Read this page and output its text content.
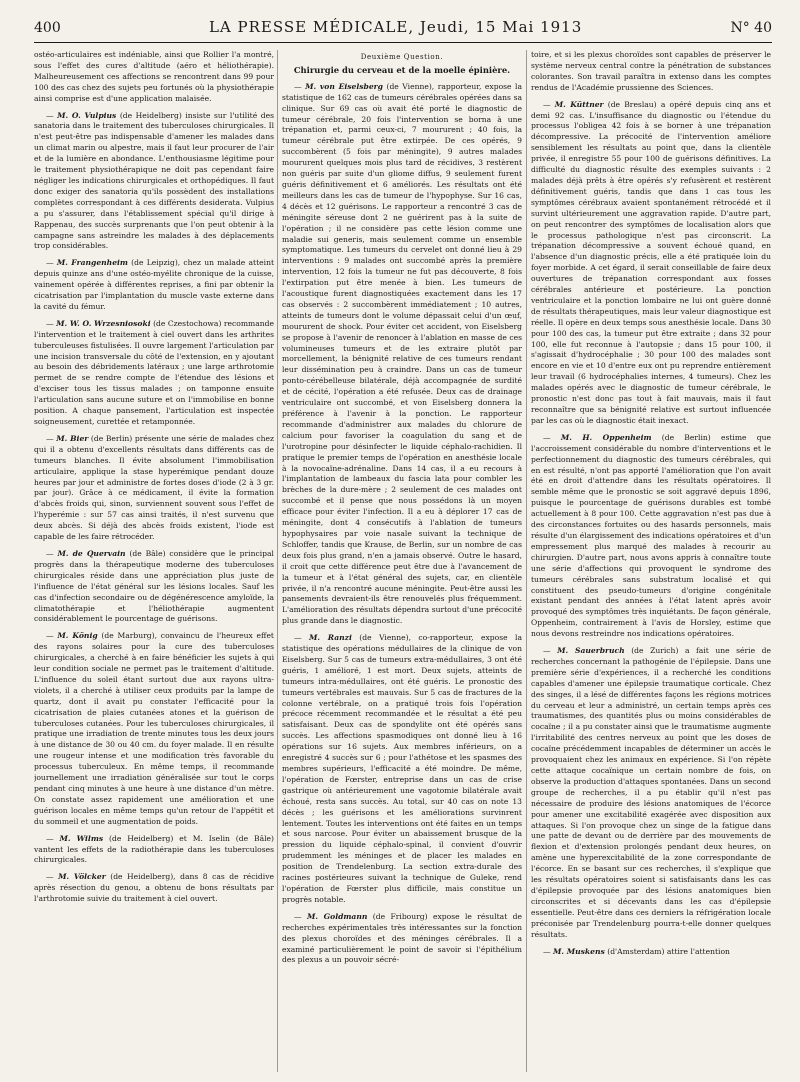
400	LA PRESSE MÉDICALE, Jeudi, 15 Mai 1913	N° 40

ostéo-articulaires est indéniable, ainsi que Rollier l'a montré, sous l'effet des cures d'altitude (aéro et héliothérapie). Malheureusement ces affections se rencontrent dans 99 pour 100 des cas chez des sujets peu fortunés où la physiothérapie ainsi comprise est d'une application malaisée.

— M. O. Vulpius (de Heidelberg) insiste sur l'utilité des sanatoria dans le traitement des tuberculoses chirurgicales. Il n'est peut-être pas indispensable d'amener les malades dans un climat marin ou alpestre, mais il faut leur procurer de l'air et de la lumière en abondance. L'enthousiasme légitime pour le traitement physiothérapique ne doit pas cependant faire négliger les indications chirurgicales et orthopédiques. Il faut donc exiger des sanatoria qu'ils possèdent des installations complètes correspondant à ces différents desiderata. Vulpius a pu s'assurer, dans l'établissement spécial qu'il dirige à Rappenau, des succès surprenants que l'on peut obtenir à la campagne sans astreindre les malades à des déplacements trop considérables.

— M. Frangenheim (de Leipzig), chez un malade atteint depuis quinze ans d'une ostéo-myélite chronique de la cuisse, vainement opérée à différentes reprises, a fini par obtenir la cicatrisation par l'implantation du muscle vaste externe dans la cavité du fémur.

— M. W. O. Wrzesniosoki (de Czestochowa) recommande l'intervention et le traitement à ciel ouvert dans les arthrites tuberculeuses fistulisées. Il ouvre largement l'articulation par une incision transversale du côté de l'extension, en y ajoutant au besoin des débridements latéraux ; une large arthrotomie permet de se rendre compte de l'étendue des lésions et d'exciser tous les tissus malades ; on tamponne ensuite l'articulation sans aucune suture et on l'immobilise en bonne position. A chaque pansement, l'articulation est inspectée soigneusement, curettée et retamponnée.

— M. Bier (de Berlin) présente une série de malades chez qui il a obtenu d'excellents résultats dans différents cas de tumeurs blanches. Il évite absolument l'immobilisation articulaire, applique la stase hyperémique pendant douze heures par jour et administre de fortes doses d'iode (2 à 3 gr. par jour). Grâce à ce médicament, il évite la formation d'abcès froids qui, sinon, surviennent souvent sous l'effet de l'hyperémie : sur 57 cas ainsi traités, il n'est survenu que deux abcès. Si déjà des abcès froids existent, l'iode est capable de les faire rétrocéder.

— M. de Quervain (de Bâle) considère que le principal progrès dans la thérapeutique moderne des tuberculoses chirurgicales réside dans une appréciation plus juste de l'influence de l'état général sur les lésions locales. Sauf les cas d'infection secondaire ou de dégénérescence amyloïde, la climatothérapie et l'héliothérapie augmentent considérablement le pourcentage de guérisons.

— M. König (de Marburg), convaincu de l'heureux effet des rayons solaires pour la cure des tuberculoses chirurgicales, a cherché à en faire bénéficier les sujets à qui leur condition sociale ne permet pas le traitement d'altitude. L'influence du soleil étant surtout due aux rayons ultra-violets, il a cherché à utiliser ceux produits par la lampe de quartz, dont il avait pu constater l'efficacité pour la cicatrisation de plaies cutanées atones et la guérison de tuberculoses cutanées. Pour les tuberculoses chirurgicales, il pratique une irradiation de trente minutes tous les deux jours à une distance de 30 ou 40 cm. du foyer malade. Il en résulte une rougeur intense et une modification très favorable du processus tuberculeux. En même temps, il recommande journellement une irradiation généralisée sur tout le corps pendant cinq minutes à une heure à une distance d'un mètre. On constate assez rapidement une amélioration et une guérison locales en même temps qu'un retour de l'appétit et du sommeil et une augmentation de poids.

— M. Wilms (de Heidelberg) et M. Iselin (de Bâle) vantent les effets de la radiothérapie dans les tuberculoses chirurgicales.

— M. Völcker (de Heidelberg), dans 8 cas de récidive après résection du genou, a obtenu de bons résultats par l'arthrotomie suivie du traitement à ciel ouvert.

Deuxième Question.
Chirurgie du cerveau et de la moelle épinière.

— M. von Eiselsberg (de Vienne), rapporteur, expose la statistique de 162 cas de tumeurs cérébrales opérées dans sa clinique. Sur 69 cas où avait été porté le diagnostic de tumeur cérébrale, 20 fois l'intervention se borna à une trépanation et, parmi ceux-ci, 7 moururent ; 40 fois, la tumeur cérébrale put être extirpée. De ces opérés, 9 succombèrent (5 fois par méningite), 9 autres malades moururent quelques mois plus tard de récidives, 3 restèrent non guéris par suite d'un gliome diffus, 9 seulement furent guéris définitivement et 6 améliorés. Les résultats ont été meilleurs dans les cas de tumeur de l'hypophyse. Sur 16 cas, 4 décès et 12 guérisons. Le rapporteur a rencontré 3 cas de méningite séreuse dont 2 ne guérirent pas à la suite de l'opération ; il ne considère pas cette lésion comme une maladie sui generis, mais seulement comme un ensemble symptomatique. Les tumeurs du cervelet ont donné lieu à 29 interventions : 9 malades ont succombé après la première intervention, 12 fois la tumeur ne fut pas découverte, 8 fois l'extirpation put être menée à bien. Les tumeurs de l'acoustique furent diagnostiquées exactement dans les 17 cas observés : 2 succombèrent immédiatement ; 10 autres, atteints de tumeurs dont le volume dépassait celui d'un œuf, moururent de shock. Pour éviter cet accident, von Eiselsberg se propose à l'avenir de renoncer à l'ablation en masse de ces volumineuses tumeurs et de les extraire plutôt par morcellement, la bénignité relative de ces tumeurs rendant leur dissémination peu à craindre. Dans un cas de tumeur ponto-cérébelleuse bilatérale, déjà accompagnée de surdité et de cécité, l'opération a été refusée. Deux cas de drainage ventriculaire ont succombé, et von Eiselsberg donnera la préférence à l'avenir à la ponction. Le rapporteur recommande d'administrer aux malades du chlorure de calcium pour favoriser la coagulation du sang et de l'urotropine pour désinfecter le liquide céphalo-rachidien. Il pratique le premier temps de l'opération en anesthésie locale à la novocaïne-adrénaline. Dans 14 cas, il a eu recours à l'implantation de lambeaux du fascia lata pour combler les brèches de la dure-mère ; 2 seulement de ces malades ont succombé et il pense que nous possédons là un moyen efficace pour éviter l'infection. Il a eu à déplorer 17 cas de méningite, dont 4 consécutifs à l'ablation de tumeurs hypophysaires par voie nasale suivant la technique de Schloffer, tandis que Krause, de Berlin, sur un nombre de cas deux fois plus grand, n'en a jamais observé. Outre le hasard, il croit que cette différence peut être due à l'avancement de la tumeur et à l'état général des sujets, car, en clientèle privée, il n'a rencontré aucune méningite. Peut-être aussi les pansements devraient-ils être renouvelés plus fréquemment. L'amélioration des résultats dépendra surtout d'une précocité plus grande dans le diagnostic.

— M. Ranzi (de Vienne), co-rapporteur, expose la statistique des opérations médullaires de la clinique de von Eiselsberg. Sur 5 cas de tumeurs extra-médullaires, 3 ont été guéris, 1 amélioré, 1 est mort. Deux sujets, atteints de tumeurs intra-médullaires, ont été guéris. Le pronostic des tumeurs vertébrales est mauvais. Sur 5 cas de fractures de la colonne vertébrale, on a pratiqué trois fois l'opération précoce récemment recommandée et le résultat a été peu satisfaisant. Deux cas de spondylite ont été opérés sans succès. Les affections spasmodiques ont donné lieu à 16 opérations sur 16 sujets. Aux membres inférieurs, on a enregistré 4 succès sur 6 ; pour l'athétose et les spasmes des membres supérieurs, l'efficacité a été moindre. De même, l'opération de Fœrster, entreprise dans un cas de crise gastrique où antérieurement une vagotomie bilatérale avait échoué, resta sans succès. Au total, sur 40 cas on note 13 décès ; les guérisons et les améliorations survinrent lentement. Toutes les interventions ont été faites en un temps et sous narcose. Pour éviter un abaissement brusque de la pression du liquide céphalo-spinal, il convient d'ouvrir prudemment les méninges et de placer les malades en position de Trendelenburg. La section extra-durale des racines postérieures suivant la technique de Guleke, rend l'opération de Fœrster plus difficile, mais constitue un progrès notable.

— M. Goldmann (de Fribourg) expose le résultat de recherches expérimentales très intéressantes sur la fonction des plexus choroïdes et des méninges cérébrales. Il a examiné particulièrement le point de savoir si l'épithélium des plexus a un pouvoir sécré-

toire, et si les plexus choroïdes sont capables de préserver le système nerveux central contre la pénétration de substances colorantes. Son travail paraîtra in extenso dans les comptes rendus de l'Académie prussienne des Sciences.

— M. Küttner (de Breslau) a opéré depuis cinq ans et demi 92 cas. L'insuffisance du diagnostic ou l'étendue du processus l'obligea 42 fois à se borner à une trépanation décompressive. La précocité de l'intervention améliore sensiblement les résultats au point que, dans la clientèle privée, il enregistre 55 pour 100 de guérisons définitives. La difficulté du diagnostic résulte des exemples suivants : 2 malades déjà prêts à être opérés s'y refusèrent et restèrent définitivement guéris, tandis que dans 1 cas tous les symptômes cérébraux avaient spontanément rétrocédé et il survint ultérieurement une aggravation rapide. D'autre part, on peut rencontrer des symptômes de localisation alors que le processus pathologique n'est pas circonscrit. La trépanation décompressive a souvent échoué quand, en l'absence d'un diagnostic précis, elle a été pratiquée loin du foyer morbide. A cet égard, il serait conseillable de faire deux ouvertures de trépanation correspondant aux fosses cérébrales antérieure et postérieure. La ponction ventriculaire et la ponction lombaire ne lui ont guère donné de résultats thérapeutiques, mais leur valeur diagnostique est réelle. Il opère en deux temps sous anesthésie locale. Dans 30 pour 100 des cas, la tumeur put être extraite ; dans 32 pour 100, elle fut reconnue à l'autopsie ; dans 15 pour 100, il s'agissait d'hydrocéphalie ; 30 pour 100 des malades sont encore en vie et 10 d'entre eux ont pu reprendre entièrement leur travail (6 hydrocéphalies internes, 4 tumeurs). Chez les malades opérés avec le diagnostic de tumeur cérébrale, le pronostic n'est donc pas tout à fait mauvais, mais il faut reconnaître que sa bénignité relative est surtout influencée par les cas où le diagnostic était inexact.

— M. H. Oppenheim (de Berlin) estime que l'accroissement considérable du nombre d'interventions et le perfectionnement du diagnostic des tumeurs cérébrales, qui en est résulté, n'ont pas apporté l'amélioration que l'on avait été en droit d'attendre dans les résultats opératoires. Il semble même que le pronostic se soit aggravé depuis 1896, puisque le pourcentage de guérisons durables est tombé actuellement à 8 pour 100. Cette aggravation n'est pas due à des circonstances fortuites ou des hasards personnels, mais résulte d'un élargissement des indications opératoires et d'un empressement plus marqué des malades à recourir au chirurgien. D'autre part, nous avons appris à connaître toute une série d'affections qui provoquent le syndrome des tumeurs cérébrales sans substratum localisé et qui constituent des pseudo-tumeurs d'origine congénitale existant pendant des années à l'état latent après avoir provoqué des symptômes très inquiétants. De façon générale, Oppenheim, contrairement à l'avis de Horsley, estime que nous devons restreindre nos indications opératoires.

— M. Sauerbruch (de Zurich) a fait une série de recherches concernant la pathogénie de l'épilepsie. Dans une première série d'expériences, il a recherché les conditions capables d'amener une épilepsie traumatique corticale. Chez des singes, il a lésé de différentes façons les régions motrices du cerveau et leur a administré, un certain temps après ces traumatismes, des quantités plus ou moins considérables de cocaïne ; il a pu constater ainsi que le traumatisme augmente l'irritabilité des centres nerveux au point que les doses de cocaïne précédemment incapables de déterminer un accès le provoquaient chez les animaux en expérience. Si l'on répète cette attaque cocaïnique un certain nombre de fois, on observe la production d'attaques spontanées. Dans un second groupe de recherches, il a pu établir qu'il n'est pas nécessaire de produire des lésions anatomiques de l'écorce pour amener une excitabilité exagérée avec disposition aux attaques. Si l'on provoque chez un singe de la fatigue dans une patte de devant ou de derrière par des mouvements de flexion et d'extension prolongés pendant deux heures, on amène une hyperexcitabilité de la zone correspondante de l'écorce. En se basant sur ces recherches, il s'explique que les résultats opératoires soient si satisfaisants dans les cas d'épilepsie provoquée par des lésions anatomiques bien circonscrites et si décevants dans les cas d'épilepsie essentielle. Peut-être dans ces derniers la réfrigération locale préconisée par Trendelenburg pourra-t-elle donner quelques résultats.

— M. Muskens (d'Amsterdam) attire l'attention
